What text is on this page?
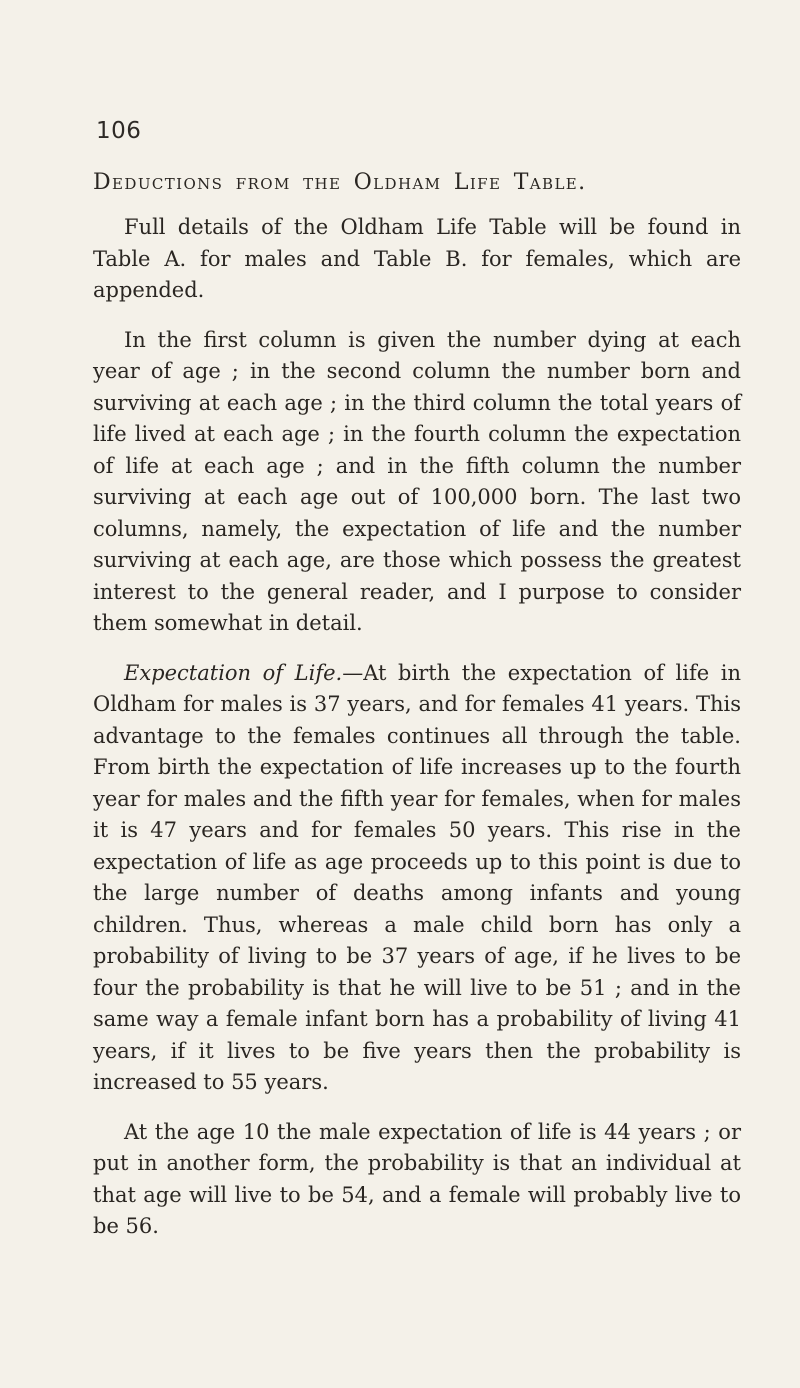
106
Deductions from the Oldham Life Table.

Full details of the Oldham Life Table will be found in Table A. for males and Table B. for females, which are appended.

In the first column is given the number dying at each year of age ; in the second column the number born and surviving at each age ; in the third column the total years of life lived at each age ; in the fourth column the expectation of life at each age ; and in the fifth column the number surviving at each age out of 100,000 born. The last two columns, namely, the expectation of life and the number surviving at each age, are those which possess the greatest interest to the general reader, and I purpose to consider them somewhat in detail.

Expectation of Life.—At birth the expectation of life in Oldham for males is 37 years, and for females 41 years. This advantage to the females continues all through the table. From birth the expectation of life increases up to the fourth year for males and the fifth year for females, when for males it is 47 years and for females 50 years. This rise in the expectation of life as age proceeds up to this point is due to the large number of deaths among infants and young children. Thus, whereas a male child born has only a probability of living to be 37 years of age, if he lives to be four the probability is that he will live to be 51 ; and in the same way a female infant born has a probability of living 41 years, if it lives to be five years then the probability is increased to 55 years.

At the age 10 the male expectation of life is 44 years ; or put in another form, the probability is that an individual at that age will live to be 54, and a female will probably live to be 56.
